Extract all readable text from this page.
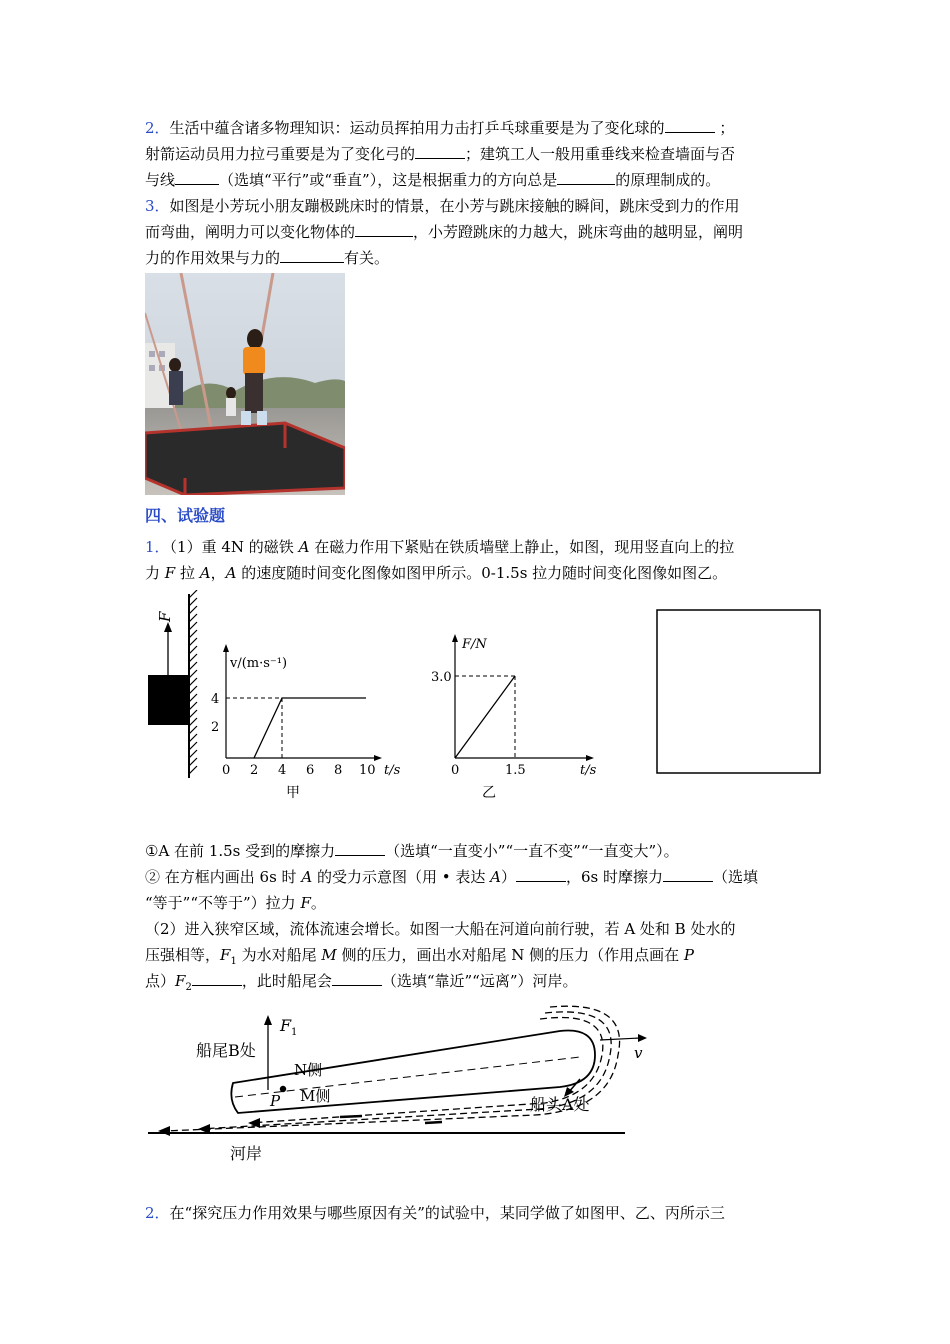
2．生活中蕴含诸多物理知识：运动员挥拍用力击打乒乓球重要是为了变化球的	；
射箭运动员用力拉弓重要是为了变化弓的	；建筑工人一般用重垂线来检查墙面与否
与线	（选填“平行”或“垂直”），这是根据重力的方向总是	的原理制成的。
3．如图是小芳玩小朋友蹦极跳床时的情景，在小芳与跳床接触的瞬间，跳床受到力的作用
而弯曲，阐明力可以变化物体的	，小芳蹬跳床的力越大，跳床弯曲的越明显，阐明
力的作用效果与力的	有关。
四、试验题
1．（1）重 4N 的磁铁 A 在磁力作用下紧贴在铁质墙壁上静止，如图，现用竖直向上的拉
力 F 拉 A，A 的速度随时间变化图像如图甲所示。0-1.5s 拉力随时间变化图像如图乙。
F
v/(m·s⁻¹)
t/s
4
2
0 2 4 6 8 10
甲
F/N
t/s
3.0
0	1.5
乙
①A 在前 1.5s 受到的摩擦力	（选填“一直变小”“一直不变”“一直变大”）。
② 在方框内画出 6s 时 A 的受力示意图（用 • 表达 A）	，6s 时摩擦力	（选填
“等于”“不等于”）拉力 F。
（2）进入狭窄区域，流体流速会增长。如图一大船在河道向前行驶，若 A 处和 B 处水的
压强相等，$F_1$ 为水对船尾 M 侧的压力，画出水对船尾 N 侧的压力（作用点画在 P
点）$F_2$	，此时船尾会	（选填“靠近”“远离”）河岸。
河岸
v
F 1
P
船尾B处
N侧
M侧	船头A处
2．在“探究压力作用效果与哪些原因有关”的试验中，某同学做了如图甲、乙、丙所示三
